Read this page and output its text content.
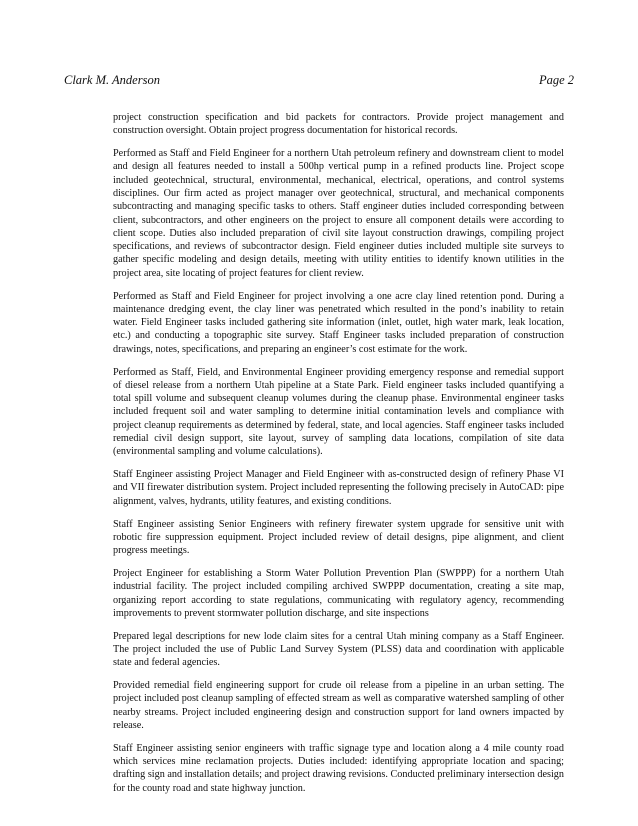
Clark M. Anderson	Page 2

project construction specification and bid packets for contractors. Provide project management and construction oversight. Obtain project progress documentation for historical records.

Performed as Staff and Field Engineer for a northern Utah petroleum refinery and downstream client to model and design all features needed to install a 500hp vertical pump in a refined products line. Project scope included geotechnical, structural, environmental, mechanical, electrical, operations, and control systems disciplines. Our firm acted as project manager over geotechnical, structural, and mechanical components subcontracting and managing specific tasks to others. Staff engineer duties included corresponding between client, subcontractors, and other engineers on the project to ensure all component details were according to client scope. Duties also included preparation of civil site layout construction drawings, compiling project specifications, and reviews of subcontractor design. Field engineer duties included multiple site surveys to gather specific modeling and design details, meeting with utility entities to identify known utilities in the project area, site locating of project features for client review.

Performed as Staff and Field Engineer for project involving a one acre clay lined retention pond. During a maintenance dredging event, the clay liner was penetrated which resulted in the pond’s inability to retain water. Field Engineer tasks included gathering site information (inlet, outlet, high water mark, leak location, etc.) and conducting a topographic site survey. Staff Engineer tasks included preparation of construction drawings, notes, specifications, and preparing an engineer’s cost estimate for the work.

Performed as Staff, Field, and Environmental Engineer providing emergency response and remedial support of diesel release from a northern Utah pipeline at a State Park. Field engineer tasks included quantifying a total spill volume and subsequent cleanup volumes during the cleanup phase. Environmental engineer tasks included frequent soil and water sampling to determine initial contamination levels and compliance with project cleanup requirements as determined by federal, state, and local agencies. Staff engineer tasks included remedial civil design support, site layout, survey of sampling data locations, compilation of site data (environmental sampling and volume calculations).

Staff Engineer assisting Project Manager and Field Engineer with as-constructed design of refinery Phase VI and VII firewater distribution system. Project included representing the following precisely in AutoCAD: pipe alignment, valves, hydrants, utility features, and existing conditions.

Staff Engineer assisting Senior Engineers with refinery firewater system upgrade for sensitive unit with robotic fire suppression equipment. Project included review of detail designs, pipe alignment, and client progress meetings.

Project Engineer for establishing a Storm Water Pollution Prevention Plan (SWPPP) for a northern Utah industrial facility. The project included compiling archived SWPPP documentation, creating a site map, organizing report according to state regulations, communicating with regulatory agency, recommending improvements to prevent stormwater pollution discharge, and site inspections

Prepared legal descriptions for new lode claim sites for a central Utah mining company as a Staff Engineer. The project included the use of Public Land Survey System (PLSS) data and coordination with applicable state and federal agencies.

Provided remedial field engineering support for crude oil release from a pipeline in an urban setting. The project included post cleanup sampling of effected stream as well as comparative watershed sampling of other nearby streams. Project included engineering design and construction support for land owners impacted by release.

Staff Engineer assisting senior engineers with traffic signage type and location along a 4 mile county road which services mine reclamation projects. Duties included: identifying appropriate location and spacing; drafting sign and installation details; and project drawing revisions. Conducted preliminary intersection design for the county road and state highway junction.
